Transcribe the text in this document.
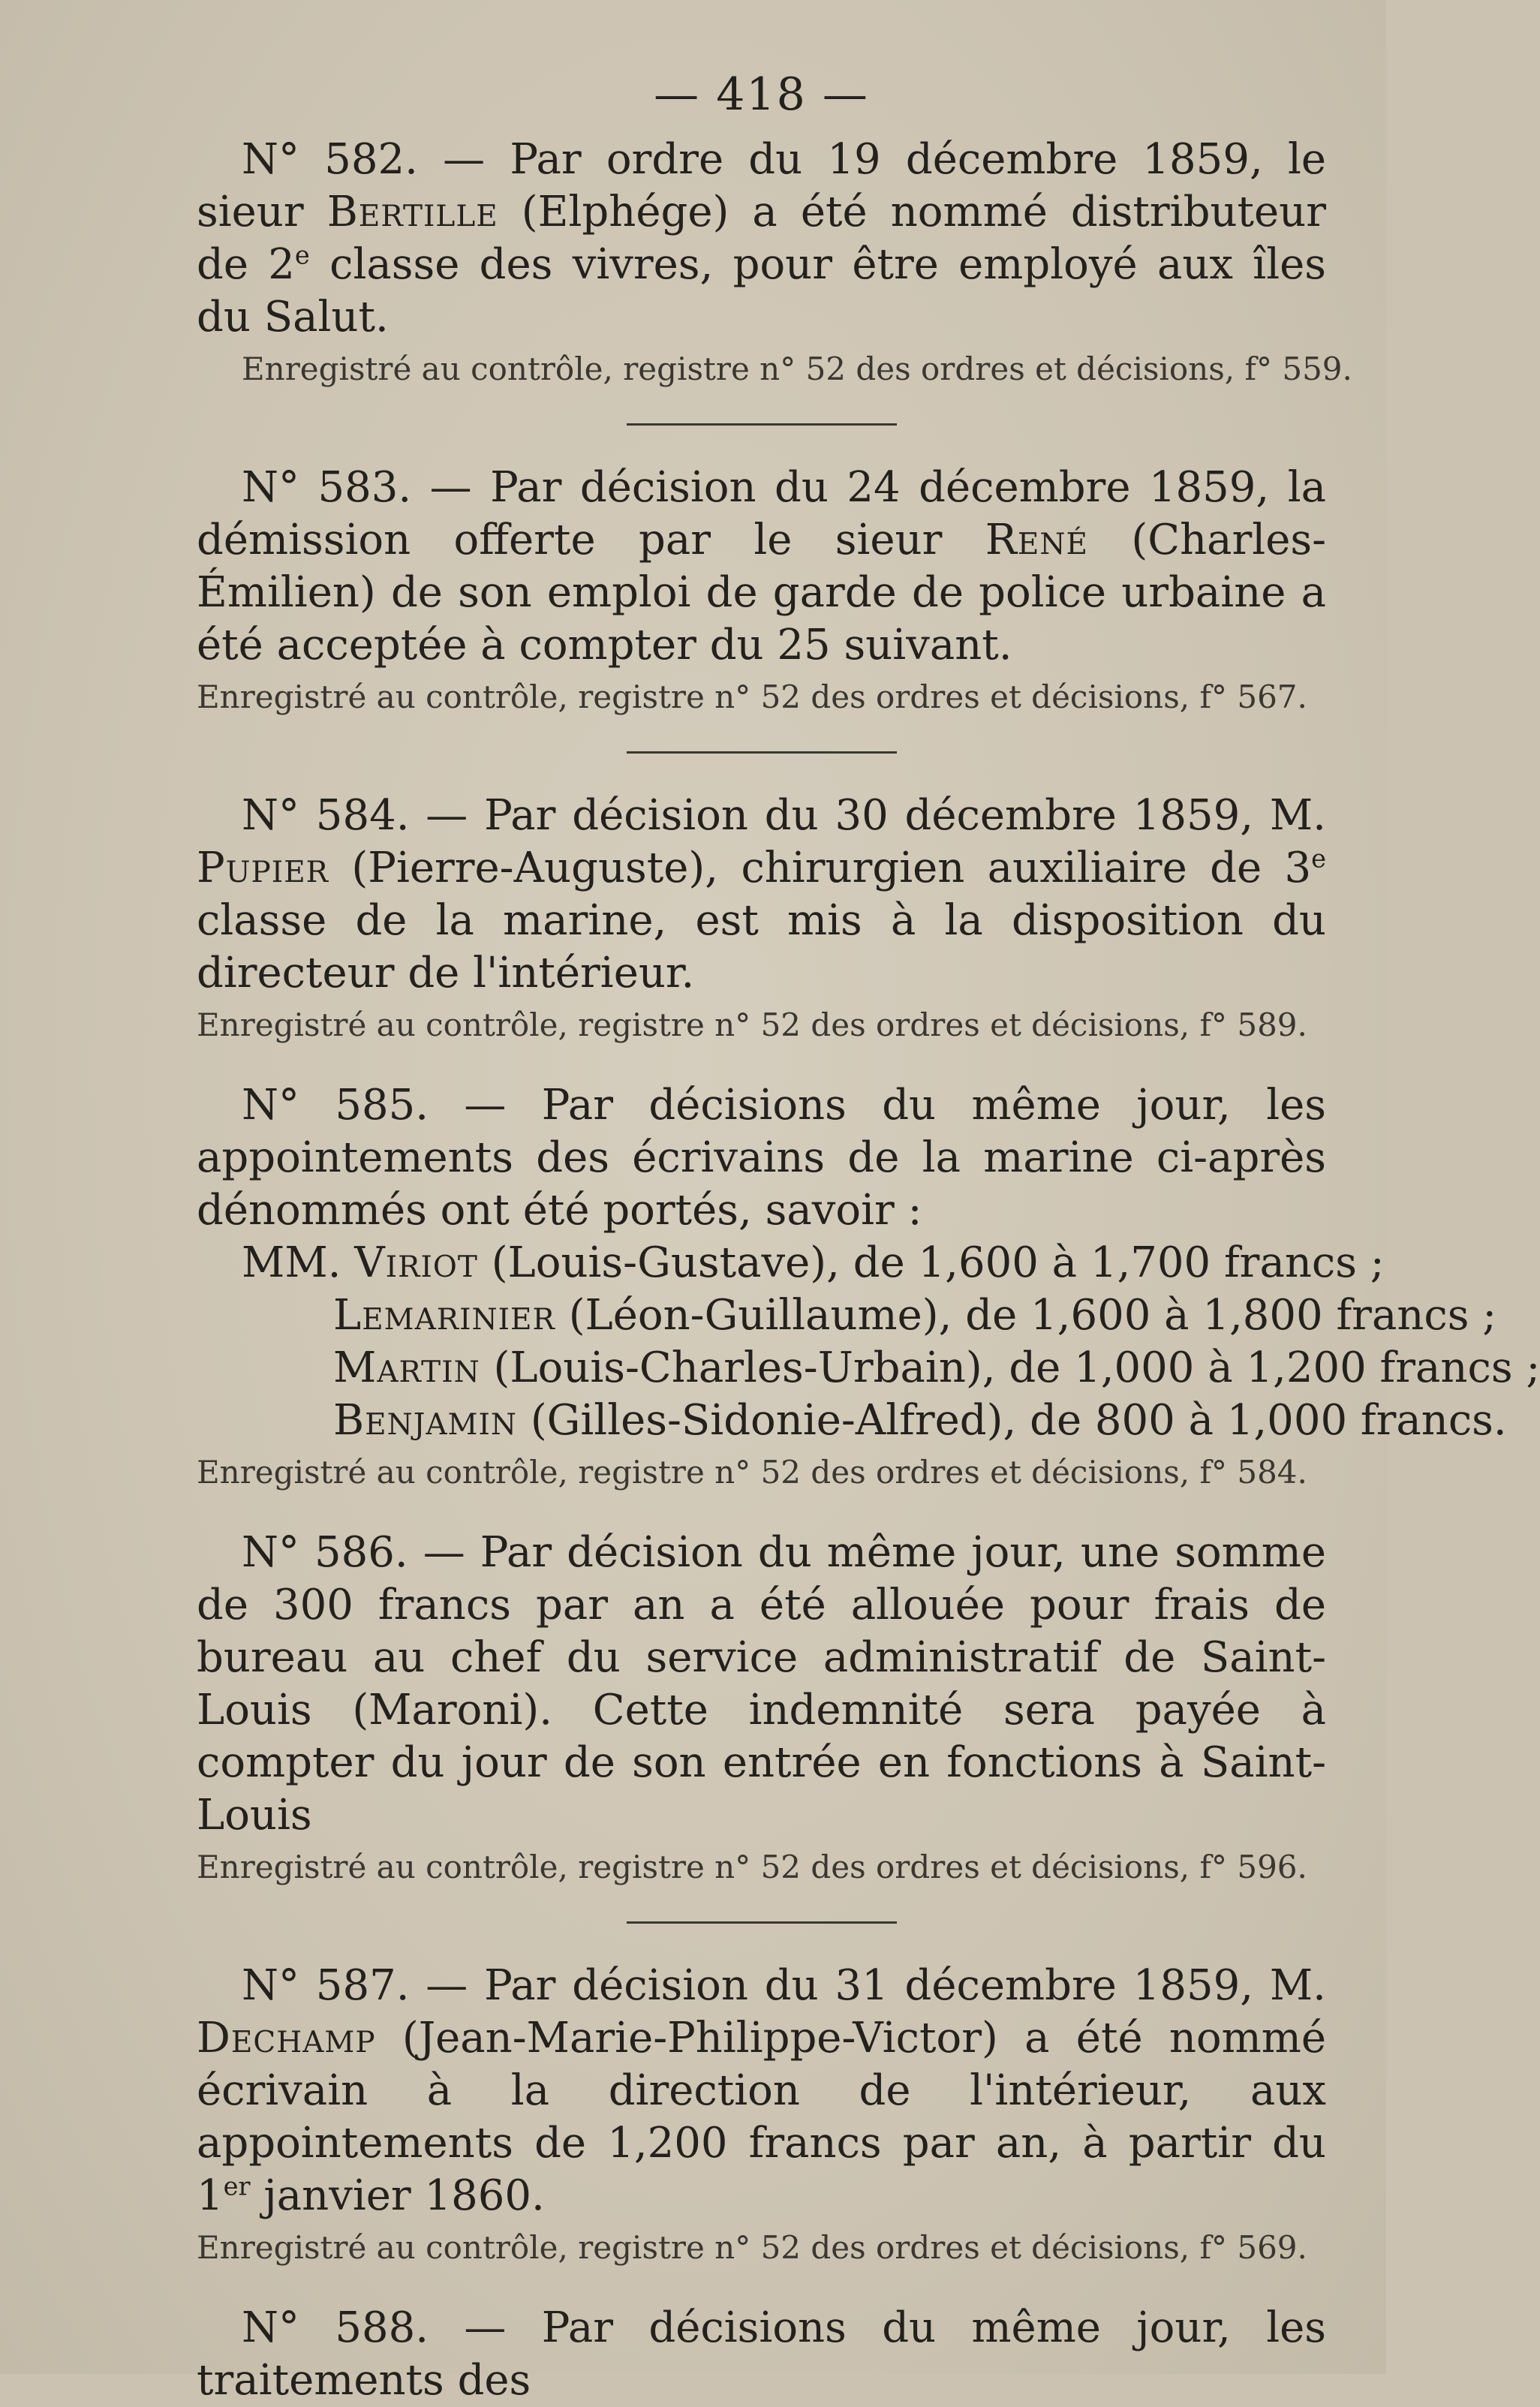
— 418 —

N° 582. — Par ordre du 19 décembre 1859, le sieur Bertille (Elphége) a été nommé distributeur de 2e classe des vivres, pour être employé aux îles du Salut.

Enregistré au contrôle, registre n° 52 des ordres et décisions, f° 559.

N° 583. — Par décision du 24 décembre 1859, la démission offerte par le sieur René (Charles-Émilien) de son emploi de garde de police urbaine a été acceptée à compter du 25 suivant.

Enregistré au contrôle, registre n° 52 des ordres et décisions, f° 567.

N° 584. — Par décision du 30 décembre 1859, M. Pupier (Pierre-Auguste), chirurgien auxiliaire de 3e classe de la marine, est mis à la disposition du directeur de l'intérieur.

Enregistré au contrôle, registre n° 52 des ordres et décisions, f° 589.

N° 585. — Par décisions du même jour, les appointements des écrivains de la marine ci-après dénommés ont été portés, savoir :

MM. Viriot (Louis-Gustave), de 1,600 à 1,700 francs ;

Lemarinier (Léon-Guillaume), de 1,600 à 1,800 francs ;

Martin (Louis-Charles-Urbain), de 1,000 à 1,200 francs ;

Benjamin (Gilles-Sidonie-Alfred), de 800 à 1,000 francs.

Enregistré au contrôle, registre n° 52 des ordres et décisions, f° 584.

N° 586. — Par décision du même jour, une somme de 300 francs par an a été allouée pour frais de bureau au chef du service administratif de Saint-Louis (Maroni). Cette indemnité sera payée à compter du jour de son entrée en fonctions à Saint-Louis

Enregistré au contrôle, registre n° 52 des ordres et décisions, f° 596.

N° 587. — Par décision du 31 décembre 1859, M. Dechamp (Jean-Marie-Philippe-Victor) a été nommé écrivain à la direction de l'intérieur, aux appointements de 1,200 francs par an, à partir du 1er janvier 1860.

Enregistré au contrôle, registre n° 52 des ordres et décisions, f° 569.

N° 588. — Par décisions du même jour, les traitements des
